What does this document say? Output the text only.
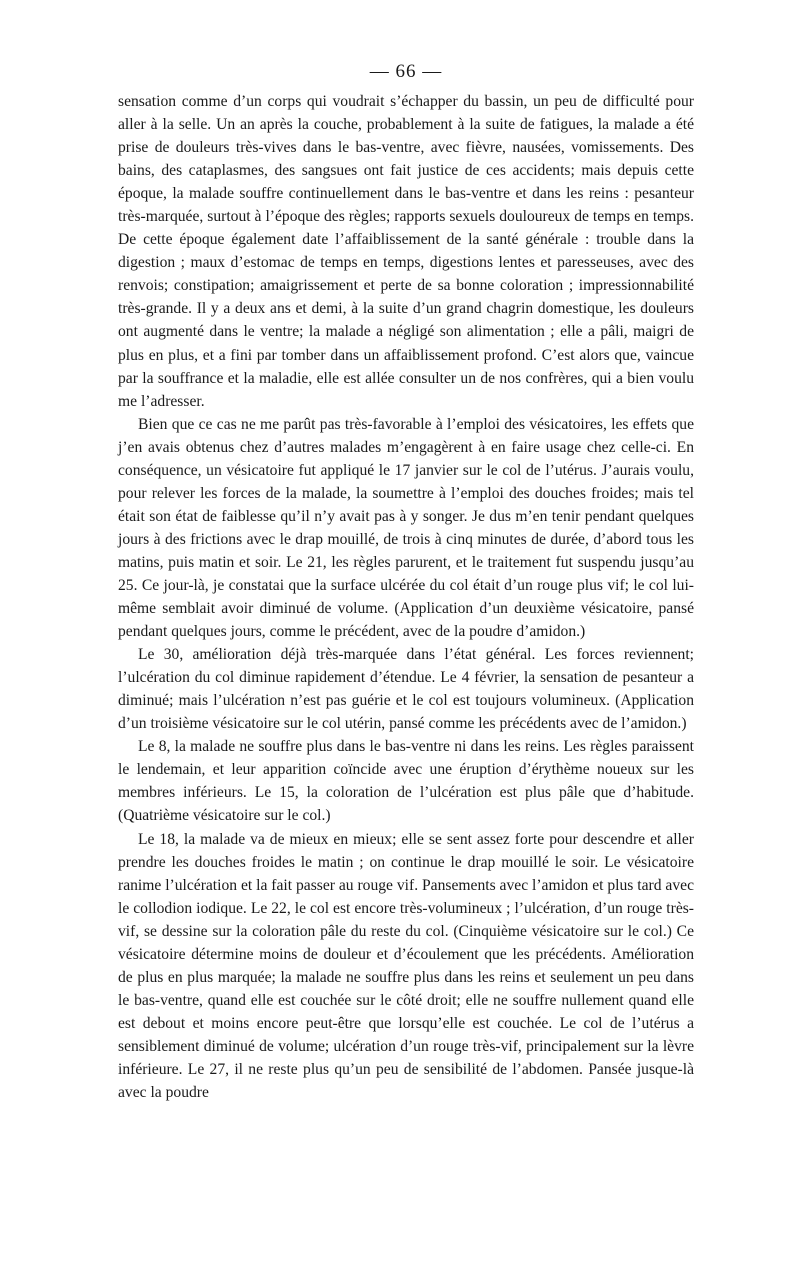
— 66 —

sensation comme d’un corps qui voudrait s’échapper du bassin, un peu de difficulté pour aller à la selle. Un an après la couche, probablement à la suite de fatigues, la malade a été prise de douleurs très-vives dans le bas-ventre, avec fièvre, nausées, vomissements. Des bains, des cataplasmes, des sangsues ont fait justice de ces accidents; mais depuis cette époque, la malade souffre continuellement dans le bas-ventre et dans les reins : pesanteur très-marquée, surtout à l’époque des règles; rapports sexuels douloureux de temps en temps. De cette époque également date l’affaiblissement de la santé générale : trouble dans la digestion ; maux d’estomac de temps en temps, digestions lentes et paresseuses, avec des renvois; constipation; amaigrissement et perte de sa bonne coloration ; impressionnabilité très-grande. Il y a deux ans et demi, à la suite d’un grand chagrin domestique, les douleurs ont augmenté dans le ventre; la malade a négligé son alimentation ; elle a pâli, maigri de plus en plus, et a fini par tomber dans un affaiblissement profond. C’est alors que, vaincue par la souffrance et la maladie, elle est allée consulter un de nos confrères, qui a bien voulu me l’adresser.

Bien que ce cas ne me parût pas très-favorable à l’emploi des vésicatoires, les effets que j’en avais obtenus chez d’autres malades m’engagèrent à en faire usage chez celle-ci. En conséquence, un vésicatoire fut appliqué le 17 janvier sur le col de l’utérus. J’aurais voulu, pour relever les forces de la malade, la soumettre à l’emploi des douches froides; mais tel était son état de faiblesse qu’il n’y avait pas à y songer. Je dus m’en tenir pendant quelques jours à des frictions avec le drap mouillé, de trois à cinq minutes de durée, d’abord tous les matins, puis matin et soir. Le 21, les règles parurent, et le traitement fut suspendu jusqu’au 25. Ce jour-là, je constatai que la surface ulcérée du col était d’un rouge plus vif; le col lui-même semblait avoir diminué de volume. (Application d’un deuxième vésicatoire, pansé pendant quelques jours, comme le précédent, avec de la poudre d’amidon.)

Le 30, amélioration déjà très-marquée dans l’état général. Les forces reviennent; l’ulcération du col diminue rapidement d’étendue. Le 4 février, la sensation de pesanteur a diminué; mais l’ulcération n’est pas guérie et le col est toujours volumineux. (Application d’un troisième vésicatoire sur le col utérin, pansé comme les précédents avec de l’amidon.)

Le 8, la malade ne souffre plus dans le bas-ventre ni dans les reins. Les règles paraissent le lendemain, et leur apparition coïncide avec une éruption d’érythème noueux sur les membres inférieurs. Le 15, la coloration de l’ulcération est plus pâle que d’habitude. (Quatrième vésicatoire sur le col.)

Le 18, la malade va de mieux en mieux; elle se sent assez forte pour descendre et aller prendre les douches froides le matin ; on continue le drap mouillé le soir. Le vésicatoire ranime l’ulcération et la fait passer au rouge vif. Pansements avec l’amidon et plus tard avec le collodion iodique. Le 22, le col est encore très-volumineux ; l’ulcération, d’un rouge très-vif, se dessine sur la coloration pâle du reste du col. (Cinquième vésicatoire sur le col.) Ce vésicatoire détermine moins de douleur et d’écoulement que les précédents. Amélioration de plus en plus marquée; la malade ne souffre plus dans les reins et seulement un peu dans le bas-ventre, quand elle est couchée sur le côté droit; elle ne souffre nullement quand elle est debout et moins encore peut-être que lorsqu’elle est couchée. Le col de l’utérus a sensiblement diminué de volume; ulcération d’un rouge très-vif, principalement sur la lèvre inférieure. Le 27, il ne reste plus qu’un peu de sensibilité de l’abdomen. Pansée jusque-là avec la poudre
